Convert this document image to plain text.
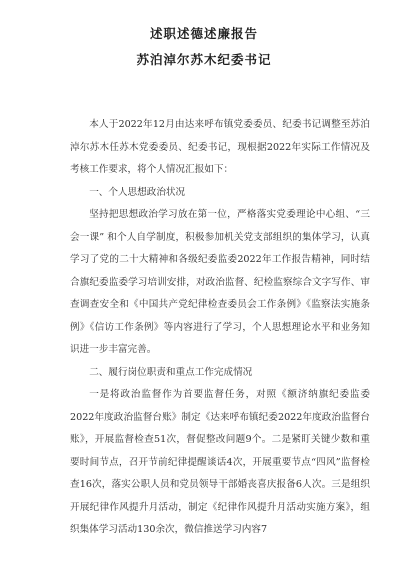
述职述德述廉报告
苏泊淖尔苏木纪委书记

本人于2022年12月由达来呼布镇党委委员、纪委书记调整至苏泊淖尔苏木任苏木党委委员、纪委书记，现根据2022年实际工作情况及考核工作要求，将个人情况汇报如下：

一、个人思想政治状况

坚持把思想政治学习放在第一位，严格落实党委理论中心组、“三会一课” 和个人自学制度，积极参加机关党支部组织的集体学习，认真学习了党的二十大精神和各级纪委监委2022年工作报告精神，同时结合旗纪委监委学习培训安排，对政治监督、纪检监察综合文字写作、审查调查安全和《中国共产党纪律检查委员会工作条例》《监察法实施条例》《信访工作条例》等内容进行了学习，个人思想理论水平和业务知识进一步丰富完善。

二、履行岗位职责和重点工作完成情况

一是将政治监督作为首要监督任务，对照《额济纳旗纪委监委2022年度政治监督台账》制定《达来呼布镇纪委2022年度政治监督台账》，开展监督检查51次，督促整改问题9个。二是紧盯关键少数和重要时间节点，召开节前纪律提醒谈话4次，开展重要节点“四风”监督检查16次，落实公职人员和党员领导干部婚丧喜庆报备6人次。三是组织开展纪律作风提升月活动，制定《纪律作风提升月活动实施方案》，组织集体学习活动130余次，微信推送学习内容7
